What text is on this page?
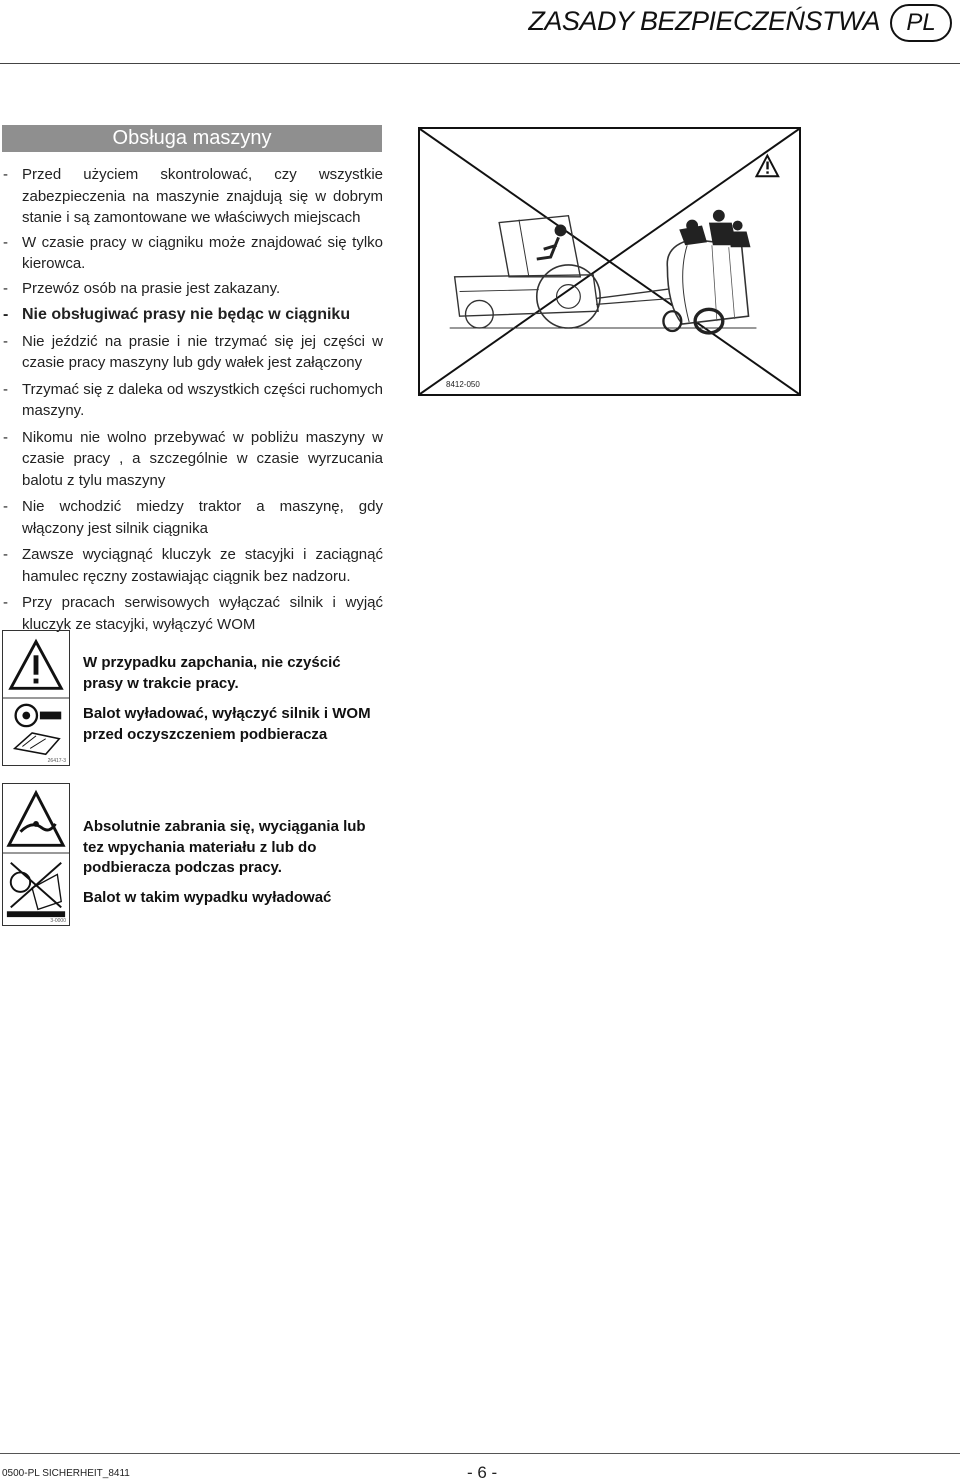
ZASADY BEZPIECZEŃSTWA	PL
Obsługa maszyny
- Przed użyciem skontrolować, czy wszystkie zabezpieczenia na maszynie znajdują się w dobrym stanie i są zamontowane we właściwych miejscach
- W czasie pracy w ciągniku może znajdować się tylko kierowca.
- Przewóz osób na prasie jest zakazany.
- Nie obsługiwać prasy nie będąc w ciągniku
- Nie jeździć na prasie i nie trzymać się jej części w czasie pracy maszyny lub gdy wałek jest załączony
- Trzymać się z daleka od wszystkich części ruchomych maszyny.
- Nikomu nie wolno przebywać w pobliżu maszyny w czasie pracy , a szczególnie w czasie wyrzucania balotu z tylu maszyny
- Nie wchodzić miedzy traktor a maszynę, gdy włączony jest silnik ciągnika
- Zawsze wyciągnąć kluczyk ze stacyjki i zaciągnąć hamulec ręczny zostawiając ciągnik bez nadzoru.
- Przy pracach serwisowych wyłączać silnik i wyjąć kluczyk ze stacyjki, wyłączyć WOM
8412-050
26417-3

W przypadku zapchania, nie czyścić prasy w trakcie pracy.

Balot wyładować, wyłączyć silnik i WOM przed oczyszczeniem podbieracza

3-0000

Absolutnie zabrania się, wyciągania lub tez wpychania materiału z lub do podbieracza podczas pracy.

Balot w takim wypadku wyładować

0500-PL SICHERHEIT_8411	- 6 -
